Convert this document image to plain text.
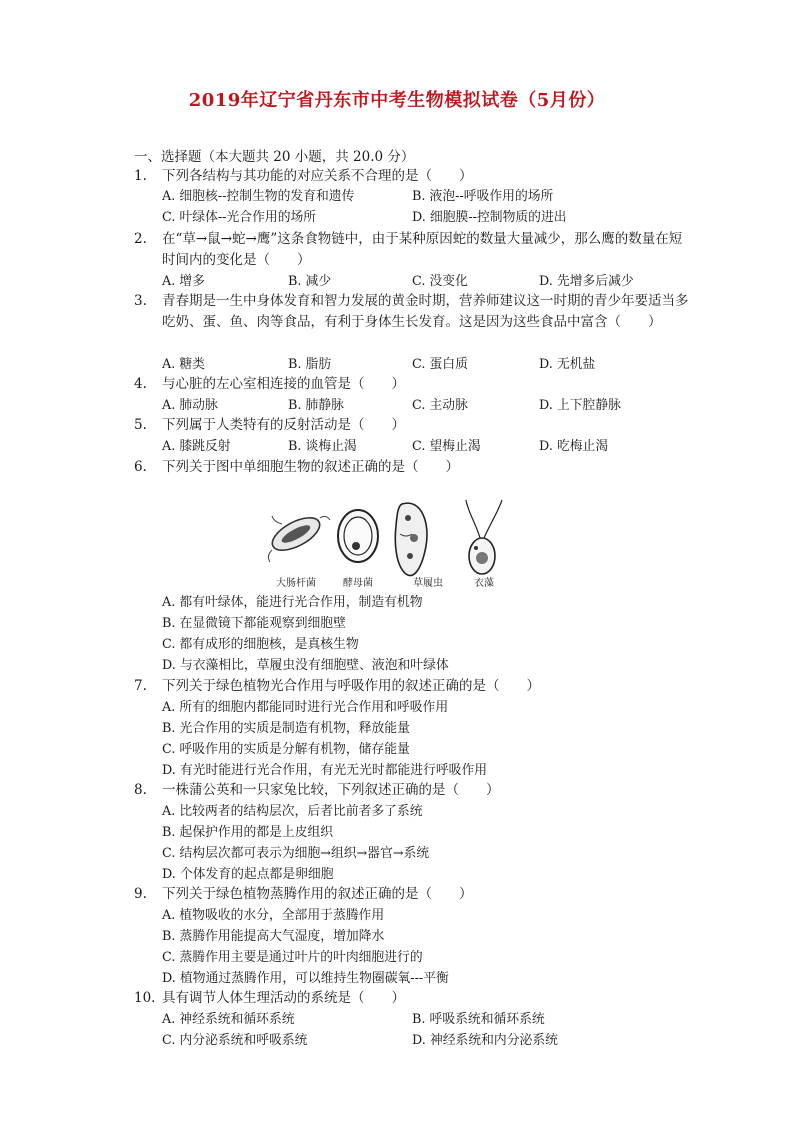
2019年辽宁省丹东市中考生物模拟试卷（5月份）
一、选择题（本大题共 20 小题，共 20.0 分）
1. 下列各结构与其功能的对应关系不合理的是（　　）
A. 细胞核--控制生物的发育和遗传	B. 液泡--呼吸作用的场所
C. 叶绿体--光合作用的场所	D. 细胞膜--控制物质的进出
2. 在“草→鼠→蛇→鹰”这条食物链中，由于某种原因蛇的数量大量减少，那么鹰的数量在短时间内的变化是（　　）
A. 增多	B. 减少	C. 没变化	D. 先增多后减少
3. 青春期是一生中身体发育和智力发展的黄金时期，营养师建议这一时期的青少年要适当多吃奶、蛋、鱼、肉等食品，有利于身体生长发育。这是因为这些食品中富含（　　）
A. 糖类	B. 脂肪	C. 蛋白质	D. 无机盐
4. 与心脏的左心室相连接的血管是（　　）
A. 肺动脉	B. 肺静脉	C. 主动脉	D. 上下腔静脉
5. 下列属于人类特有的反射活动是（　　）
A. 膝跳反射	B. 谈梅止渴	C. 望梅止渴	D. 吃梅止渴
6. 下列关于图中单细胞生物的叙述正确的是（　　）
大肠杆菌	酵母菌	草履虫	衣藻
A. 都有叶绿体，能进行光合作用，制造有机物
B. 在显微镜下都能观察到细胞壁
C. 都有成形的细胞核，是真核生物
D. 与衣藻相比，草履虫没有细胞壁、液泡和叶绿体
7. 下列关于绿色植物光合作用与呼吸作用的叙述正确的是（　　）
A. 所有的细胞内都能同时进行光合作用和呼吸作用
B. 光合作用的实质是制造有机物，释放能量
C. 呼吸作用的实质是分解有机物，储存能量
D. 有光时能进行光合作用，有光无光时都能进行呼吸作用
8. 一株蒲公英和一只家兔比较，下列叙述正确的是（　　）
A. 比较两者的结构层次，后者比前者多了系统
B. 起保护作用的都是上皮组织
C. 结构层次都可表示为细胞→组织→器官→系统
D. 个体发育的起点都是卵细胞
9. 下列关于绿色植物蒸腾作用的叙述正确的是（　　）
A. 植物吸收的水分，全部用于蒸腾作用
B. 蒸腾作用能提高大气湿度，增加降水
C. 蒸腾作用主要是通过叶片的叶肉细胞进行的
D. 植物通过蒸腾作用，可以维持生物圈碳氧---平衡
10. 具有调节人体生理活动的系统是（　　）
A. 神经系统和循环系统	B. 呼吸系统和循环系统
C. 内分泌系统和呼吸系统	D. 神经系统和内分泌系统
